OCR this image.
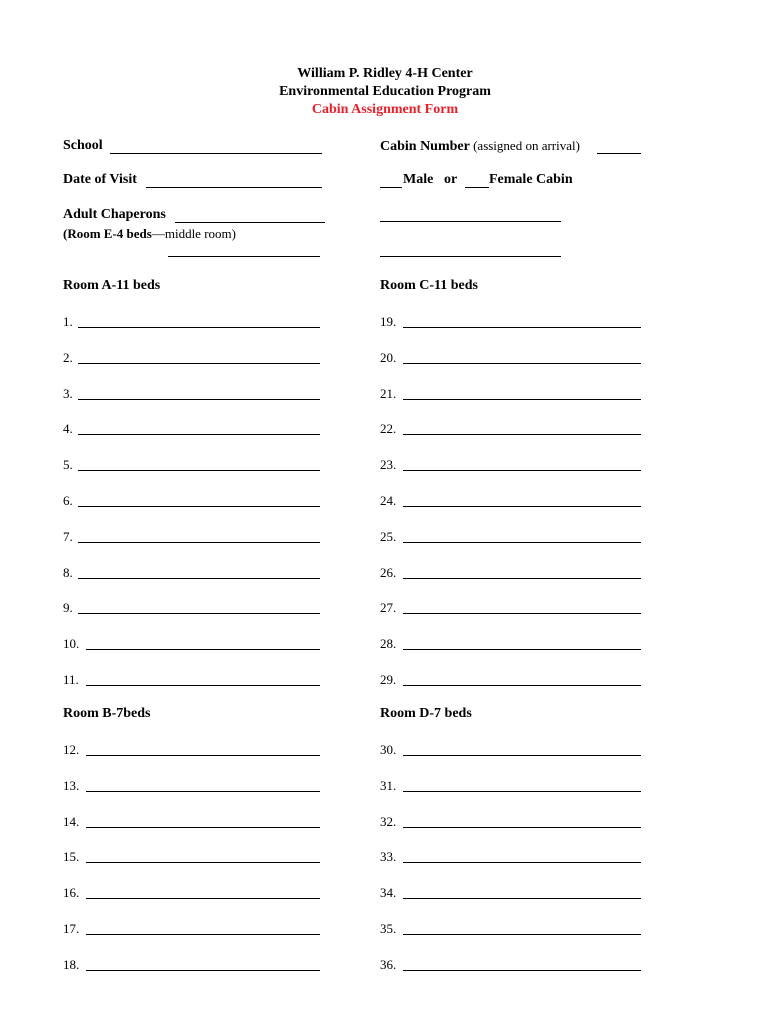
William P. Ridley 4-H Center
Environmental Education Program
Cabin Assignment Form
School
Date of Visit
Adult Chaperons
(Room E-4 beds—middle room)
Cabin Number (assigned on arrival)
Male or Female Cabin
Room A-11 beds	Room C-11 beds
Room B-7beds	Room D-7 beds
1.
2.
3.
4.
5.
6.
7.
8.
9.
10.
11.
19.
20.
21.
22.
23.
24.
25.
26.
27.
28.
29.
12.
13.
14.
15.
16.
17.
18.
30.
31.
32.
33.
34.
35.
36.
